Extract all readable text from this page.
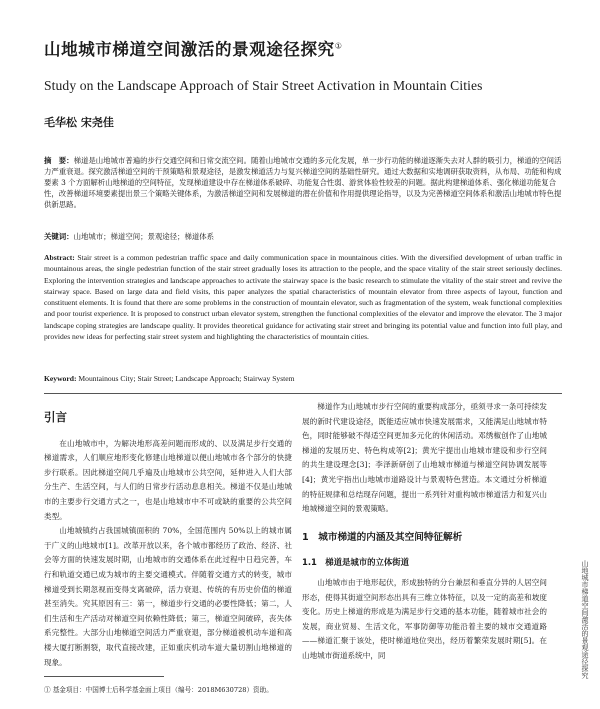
山地城市梯道空间激活的景观途径探究①
Study on the Landscape Approach of Stair Street Activation in Mountain Cities
毛华松 宋尧佳
摘　要：梯道是山地城市普遍的步行交通空间和日常交流空间。随着山地城市交通的多元化发展，单一步行功能的梯道逐渐失去对人群的吸引力，梯道的空间活力严重衰退。探究激活梯道空间的干预策略和景观途径，是激发梯道活力与复兴梯道空间的基础性研究。通过大数据和实地调研获取资料，从布局、功能和构成要素 3 个方面解析山地梯道的空间特征，发现梯道建设中存在梯道体系破碎、功能复合性弱、游赏体验性较差的问题。据此构建梯道体系、强化梯道功能复合性，改善梯道环境要素提出景三个策略关键体系，为激活梯道空间和发展梯道的潜在价值和作用提供理论指导，以及为完善梯道空间体系和激活山地城市特色提供新思路。
关键词：山地城市；梯道空间；景观途径；梯道体系
Abstract: Stair street is a common pedestrian traffic space and daily communication space in mountainous cities. With the diversified development of urban traffic in mountainous areas, the single pedestrian function of the stair street gradually loses its attraction to the people, and the space vitality of the stair street seriously declines. Exploring the intervention strategies and landscape approaches to activate the stairway space is the basic research to stimulate the vitality of the stair street and revive the stairway space. Based on large data and field visits, this paper analyzes the spatial characteristics of mountain elevator from three aspects of layout, function and constituent elements. It is found that there are some problems in the construction of mountain elevator, such as fragmentation of the system, weak functional complexities and poor tourist experience. It is proposed to construct urban elevator system, strengthen the functional complexities of the elevator and improve the elevator. The 3 major landscape coping strategies are landscape quality. It provides theoretical guidance for activating stair street and bringing its potential value and function into full play, and provides new ideas for perfecting stair street system and highlighting the characteristics of mountain cities.
Keyword: Mountainous City; Stair Street; Landscape Approach; Stairway System
引言

在山地城市中，为解决地形高差问题而形成的、以及满足步行交通的梯道需求，人们顺应地形变化修建山地梯道以便山地城市各个部分的快捷步行联系。因此梯道空间几乎遍及山地城市公共空间，延伸进入人们大部分生产、生活空间，与人们的日常步行活动息息相关。梯道不仅是山地城市的主要步行交通方式之一，也是山地城市中不可或缺的重要的公共空间类型。

山地城镇约占我国城镇面积的 70%，全国范围内 50%以上的城市属于广义的山地城市[1]。改革开放以来，各个城市都经历了政治、经济、社会等方面的快速发展时期，山地城市的交通体系在此过程中日趋完善，车行和轨道交通已成为城市的主要交通模式。伴随着交通方式的转变，城市梯道受到长期忽视而变得支离破碎，活力衰退、传统的有历史价值的梯道甚至消失。究其原因有三：第一，梯道步行交通的必要性降低；第二，人们生活和生产活动对梯道空间依赖性降低；第三，梯道空间破碎，丧失体系完整性。大部分山地梯道空间活力严重衰退，部分梯道被机动车道和高楼大厦打断割裂，取代直接改建，正如重庆机动车道大量切割山地梯道的现象。

梯道作为山地城市步行空间的重要构成部分，亟须寻求一条可持续发展的新时代建设途径，既能适应城市快速发展需求，又能满足山地城市特色，同时能够破不得适空间更加多元化的休闲活动。邓绣椒创作了山地城梯道的发展历史、特色构成等[2]；黄光宇提出山地城市建设和步行空间的共生建设理念[3]；李泽新研创了山地城市梯道与梯道空间协调发展等[4]；黄光宇指出山地城市道路设计与景观特色营造。本文通过分析梯道的特征规律和总结现存问题，提出一系列针对重构城市梯道活力和复兴山地城梯道空间的景观策略。

1　城市梯道的内涵及其空间特征解析
1.1　梯道是城市的立体街道

山地城市由于地形起伏，形成独特的分台兼层和垂直分异的人居空间形态，使得其街道空间形态出具有三维立体特征，以及一定的高差和坡度变化。历史上梯道的形成是为满足步行交通的基本功能，随着城市社会的发展，商业贸易、生活文化，军事防御等功能沿着主要的城市交通道路——梯道汇聚于该处，使时梯道地位突出，经历着繁荣发展时期[5]。在山地城市街道系统中，同

① 基金项目：中国博士后科学基金面上项目（编号：2018M630728）资助。
山地城市梯道空间激活的景观途径探究
